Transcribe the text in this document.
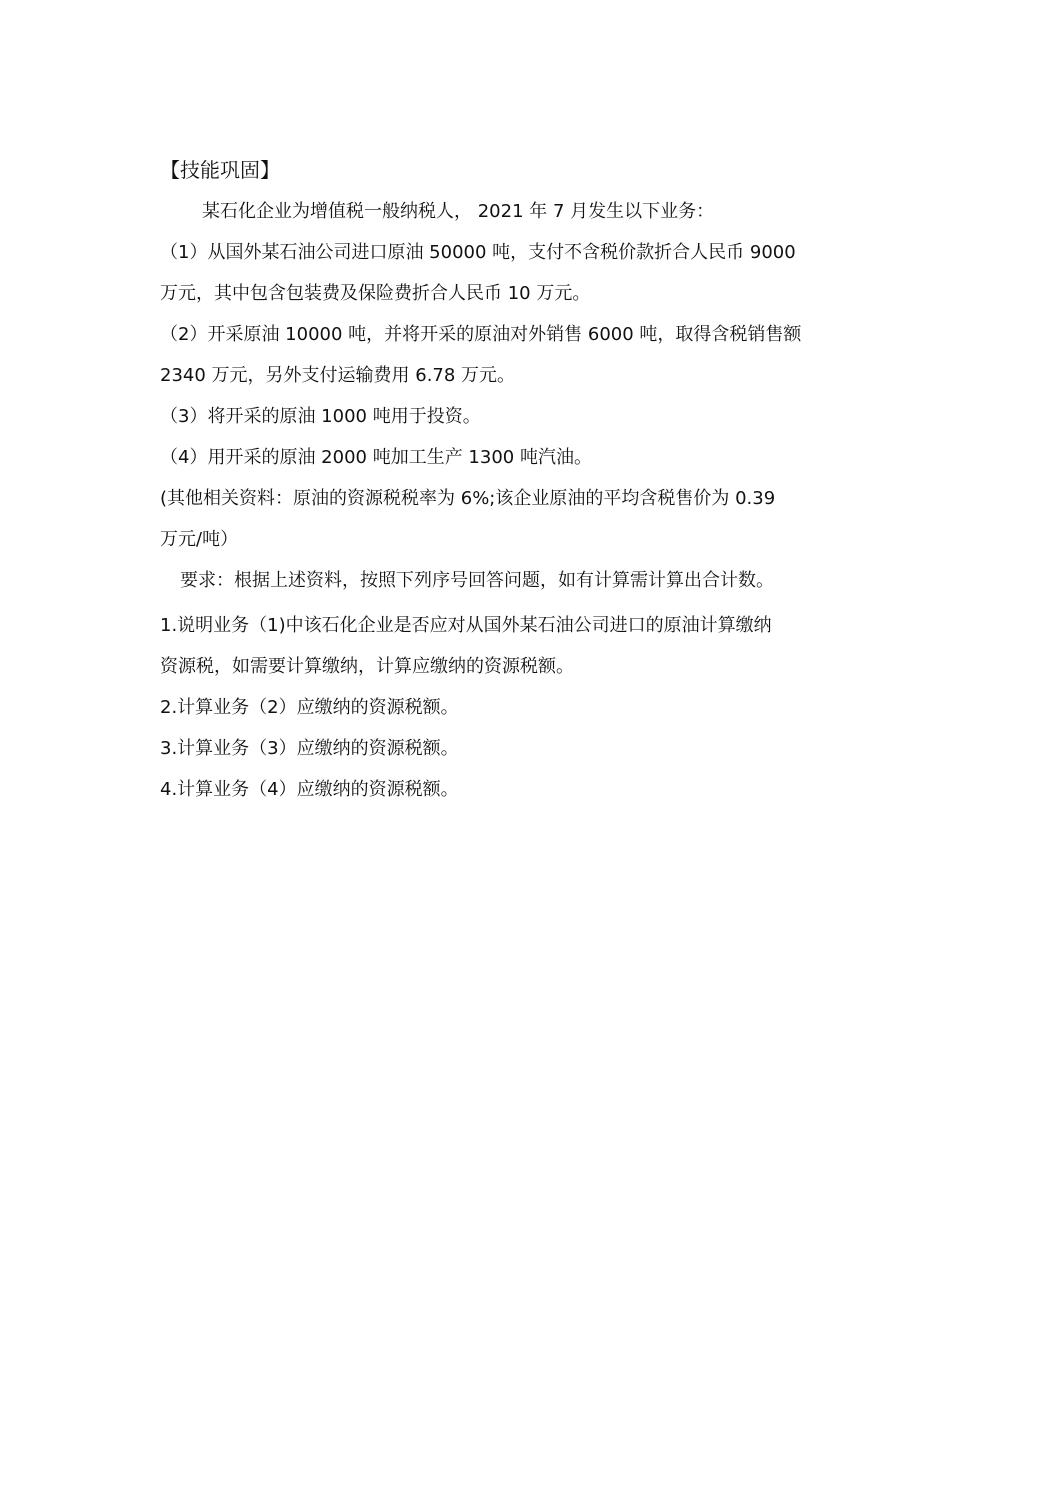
【技能巩固】
某石化企业为增值税一般纳税人， 2021 年 7 月发生以下业务：
（1）从国外某石油公司进口原油 50000 吨，支付不含税价款折合人民币 9000
万元，其中包含包装费及保险费折合人民币 10 万元。
（2）开采原油 10000 吨，并将开采的原油对外销售 6000 吨，取得含税销售额
2340 万元，另外支付运输费用 6.78 万元。
（3）将开采的原油 1000 吨用于投资。
（4）用开采的原油 2000 吨加工生产 1300 吨汽油。
(其他相关资料：原油的资源税税率为 6%;该企业原油的平均含税售价为 0.39
万元/吨）
要求：根据上述资料，按照下列序号回答问题，如有计算需计算出合计数。
1.说明业务（1)中该石化企业是否应对从国外某石油公司进口的原油计算缴纳
资源税，如需要计算缴纳，计算应缴纳的资源税额。
2.计算业务（2）应缴纳的资源税额。
3.计算业务（3）应缴纳的资源税额。
4.计算业务（4）应缴纳的资源税额。
